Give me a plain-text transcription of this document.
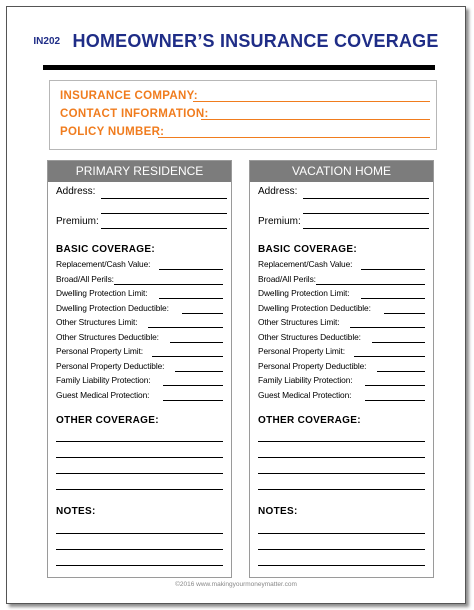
IN202 HOMEOWNER’S INSURANCE COVERAGE
INSURANCE COMPANY:
CONTACT INFORMATION:
POLICY NUMBER:
PRIMARY RESIDENCE
Address:
Premium:
BASIC COVERAGE:
Replacement/Cash Value:
Broad/All Perils:
Dwelling Protection Limit:
Dwelling Protection Deductible:
Other Structures Limit:
Other Structures Deductible:
Personal Property Limit:
Personal Property Deductible:
Family Liability Protection:
Guest Medical Protection:
OTHER COVERAGE:
NOTES:
VACATION HOME
Address:
Premium:
BASIC COVERAGE:
Replacement/Cash Value:
Broad/All Perils:
Dwelling Protection Limit:
Dwelling Protection Deductible:
Other Structures Limit:
Other Structures Deductible:
Personal Property Limit:
Personal Property Deductible:
Family Liability Protection:
Guest Medical Protection:
OTHER COVERAGE:
NOTES:
©2016 www.makingyourmoneymatter.com
